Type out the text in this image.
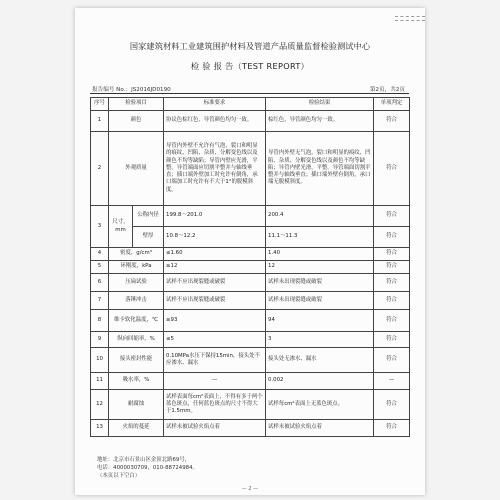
国家建筑材料工业建筑围护材料及管道产品质量监督检验测试中心
检 验 报 告（TEST REPORT）
报告编号 No.：JS2016JD0190	第2页，共2页
序号	检验项目		标准要求	检验结果	单项判定
1	颜色		协议色棕红色，导管颜色均匀一致。	棕红色，导管颜色均匀一致。	符合
2	外观质量		导管内外壁不允许有气泡，裂口和明显的痕纹、凹陷、杂质、分解变色线以及颜色不均等缺陷；导管内壁应光滑，平整。导管端面应切割平整并与轴线垂直；插口端外壁加工时允许有倒角，承口端加工时允许有不大于1°的脱模斜度。	导管内外壁无气泡，裂口和明显的痕纹、凹陷、杂质、分解变色线以及颜色不均等缺陷；导管内壁光滑，平整。导管端面切割平整并与轴线垂直；插口端外壁有倒角，承口端无脱模斜度。	符合
3	尺寸，mm	公称内径	199.8～201.0	200.4	符合
		壁厚	10.8～12.2	11.1～11.3	符合
4	密度，g/cm³		≤1.60	1.40	符合
5	环刚度，kPa		≥12	12	符合
6	压扁试验		试样不应出现裂缝或破裂	试样未出现裂缝或破裂	符合
7	落锤冲击		试样不应出现裂缝或破裂	试样未出现裂缝或破裂	符合
8	维卡软化温度，℃		≥93	94	符合
9	纵向回缩率，%		≤5	3	符合
10	接头密封性能		0.10MPa水压下保持15min，接头处不应渗水、漏水	接头处无渗水、漏水	符合
11	吸水率，%		—	0.002	—
12	耐腐蚀		试样表面每cm²表面上，不得有多于两个蓝色斑点，任何蓝色斑点的尺寸不得大于1.5mm。	试样每cm²表面上无蓝色斑点。	符合
13	火焰的蔓延		试样未被试验火焰点着	试样未被试验火焰点着	符合
地址：北京市石景山区金顶北路69号，
电话：4000030709，010-88724984。
（本页以下空白）
— 2 —
